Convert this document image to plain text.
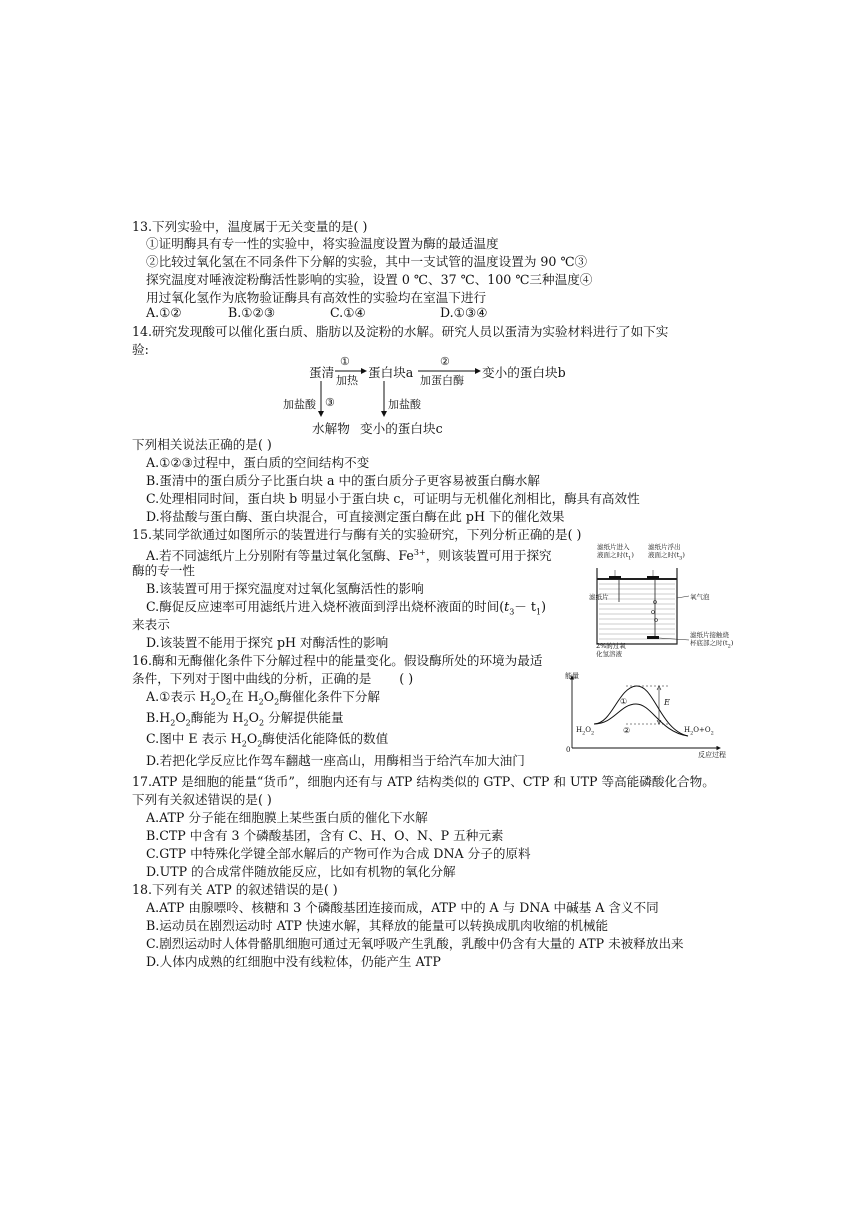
13.下列实验中，温度属于无关变量的是( )
①证明酶具有专一性的实验中，将实验温度设置为酶的最适温度
②比较过氧化氢在不同条件下分解的实验，其中一支试管的温度设置为 90 ℃③
探究温度对唾液淀粉酶活性影响的实验，设置 0 ℃、37 ℃、100 ℃三种温度④
用过氧化氢作为底物验证酶具有高效性的实验均在室温下进行
A.①②	B.①②③	C.①④	D.①③④
14.研究发现酸可以催化蛋白质、脂肪以及淀粉的水解。研究人员以蛋清为实验材料进行了如下实
验:
蛋清
①
加热
蛋白块a
②
加蛋白酶
变小的蛋白块b
加盐酸 ③	加盐酸
水解物 变小的蛋白块c
下列相关说法正确的是( )
A.①②③过程中，蛋白质的空间结构不变
B.蛋清中的蛋白质分子比蛋白块 a 中的蛋白质分子更容易被蛋白酶水解
C.处理相同时间，蛋白块 b 明显小于蛋白块 c，可证明与无机催化剂相比，酶具有高效性
D.将盐酸与蛋白酶、蛋白块混合，可直接测定蛋白酶在此 pH 下的催化效果
15.某同学欲通过如图所示的装置进行与酶有关的实验研究，下列分析正确的是( )
A.若不同滤纸片上分别附有等量过氧化氢酶、$Fe^{3+}$，则该装置可用于探究
酶的专一性
B.该装置可用于探究温度对过氧化氢酶活性的影响
C.酶促反应速率可用滤纸片进入烧杯液面到浮出烧杯液面的时间$(t_3- t_1)$
来表示
D.该装置不能用于探究 pH 对酶活性的影响
滤纸片进入
液面之时$(t_1)$
滤纸片浮出
液面之时$(t_3)$
滤纸片	氧气泡
滤纸片接触烧
杯底部之时$(t_2)$
2%的过氧
化氢溶液
16.酶和无酶催化条件下分解过程中的能量变化。假设酶所处的环境为最适
条件，下列对于图中曲线的分析，正确的是 ( )
A.①表示 $H_2O_2$在 $H_2O_2$酶催化条件下分解
$B.H_2O_2$酶能为 $H_2O_2$ 分解提供能量
C.图中 E 表示 $H_2O_2$酶使活化能降低的数值
D.若把化学反应比作驾车翻越一座高山，用酶相当于给汽车加大油门
能量
反应过程
0
①
②
E
$H_2O_2$	$H_2O+O_2$
17.ATP 是细胞的能量“货币”，细胞内还有与 ATP 结构类似的 GTP、CTP 和 UTP 等高能磷酸化合物。
下列有关叙述错误的是( )
A.ATP 分子能在细胞膜上某些蛋白质的催化下水解
B.CTP 中含有 3 个磷酸基团，含有 C、H、O、N、P 五种元素
C.GTP 中特殊化学键全部水解后的产物可作为合成 DNA 分子的原料
D.UTP 的合成常伴随放能反应，比如有机物的氧化分解
18.下列有关 ATP 的叙述错误的是( )
A.ATP 由腺嘌呤、核糖和 3 个磷酸基团连接而成，ATP 中的 A 与 DNA 中碱基 A 含义不同
B.运动员在剧烈运动时 ATP 快速水解，其释放的能量可以转换成肌肉收缩的机械能
C.剧烈运动时人体骨骼肌细胞可通过无氧呼吸产生乳酸，乳酸中仍含有大量的 ATP 未被释放出来
D.人体内成熟的红细胞中没有线粒体，仍能产生 ATP
